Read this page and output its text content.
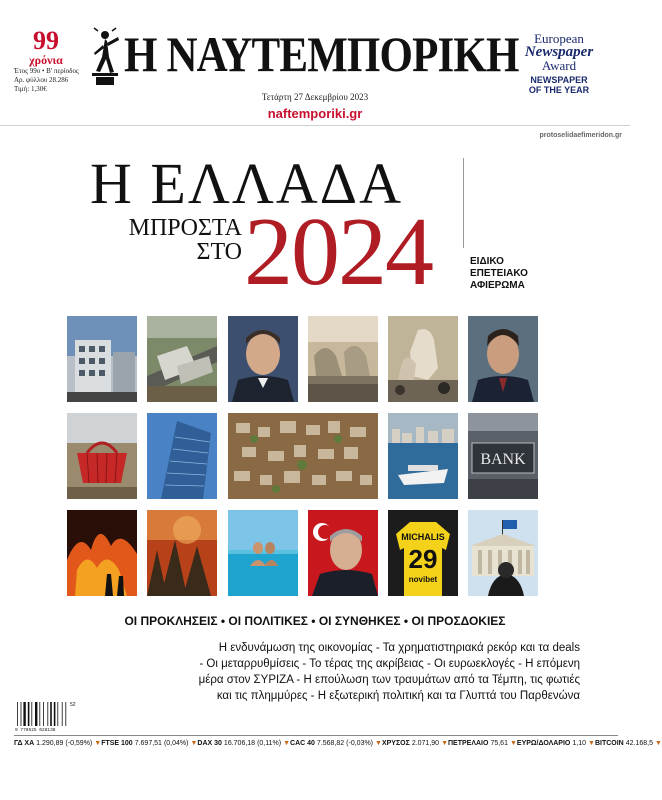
99
χρόνια
Έτος 99ο • Β' περίοδος
Αρ. φύλλου 28.286
Τιμή: 1,30€
Η ΝΑΥΤΕΜΠΟΡΙΚΗ	European
Newspaper
Award
NEWSPAPER
OF THE YEAR
Τετάρτη 27 Δεκεμβρίου 2023
naftemporiki.gr
protoselidaefimeridon.gr
Η ΕΛΛΑΔΑ
ΜΠΡΟΣΤΑ
ΣΤΟ 2024	ΕΙΔΙΚΟ
ΕΠΕΤΕΙΑΚΟ
ΑΦΙΕΡΩΜΑ
BANK
MICHALIS
29
novibet
ΟΙ ΠΡΟΚΛΗΣΕΙΣ • ΟΙ ΠΟΛΙΤΙΚΕΣ • ΟΙ ΣΥΝΘΗΚΕΣ • ΟΙ ΠΡΟΣΔΟΚΙΕΣ
Η ενδυνάμωση της οικονομίας - Τα χρηματιστηριακά ρεκόρ και τα deals
- Οι μεταρρυθμίσεις - Το τέρας της ακρίβειας - Οι ευρωεκλογές - Η επόμενη
μέρα στον ΣΥΡΙΖΑ - Η επούλωση των τραυμάτων από τα Τέμπη, τις φωτιές
και τις πλημμύρες - Η εξωτερική πολιτική και τα Γλυπτά του Παρθενώνα
9 770525 028138
52
ΓΔ ΧΑ 1.290,89 (-0,59%) ▼ FTSE 100 7.697,51 (0,04%) ▼ DAX 30 16.706,18 (0,11%) ▼ CAC 40 7.568,82 (-0,03%) ▼ ΧΡΥΣΟΣ 2.071,90 ▼ ΠΕΤΡΕΛΑΙΟ 75,61 ▼ ΕΥΡΩ/ΔΟΛΑΡΙΟ 1,10 ▼ BITCOIN 42.168,5 ▼
